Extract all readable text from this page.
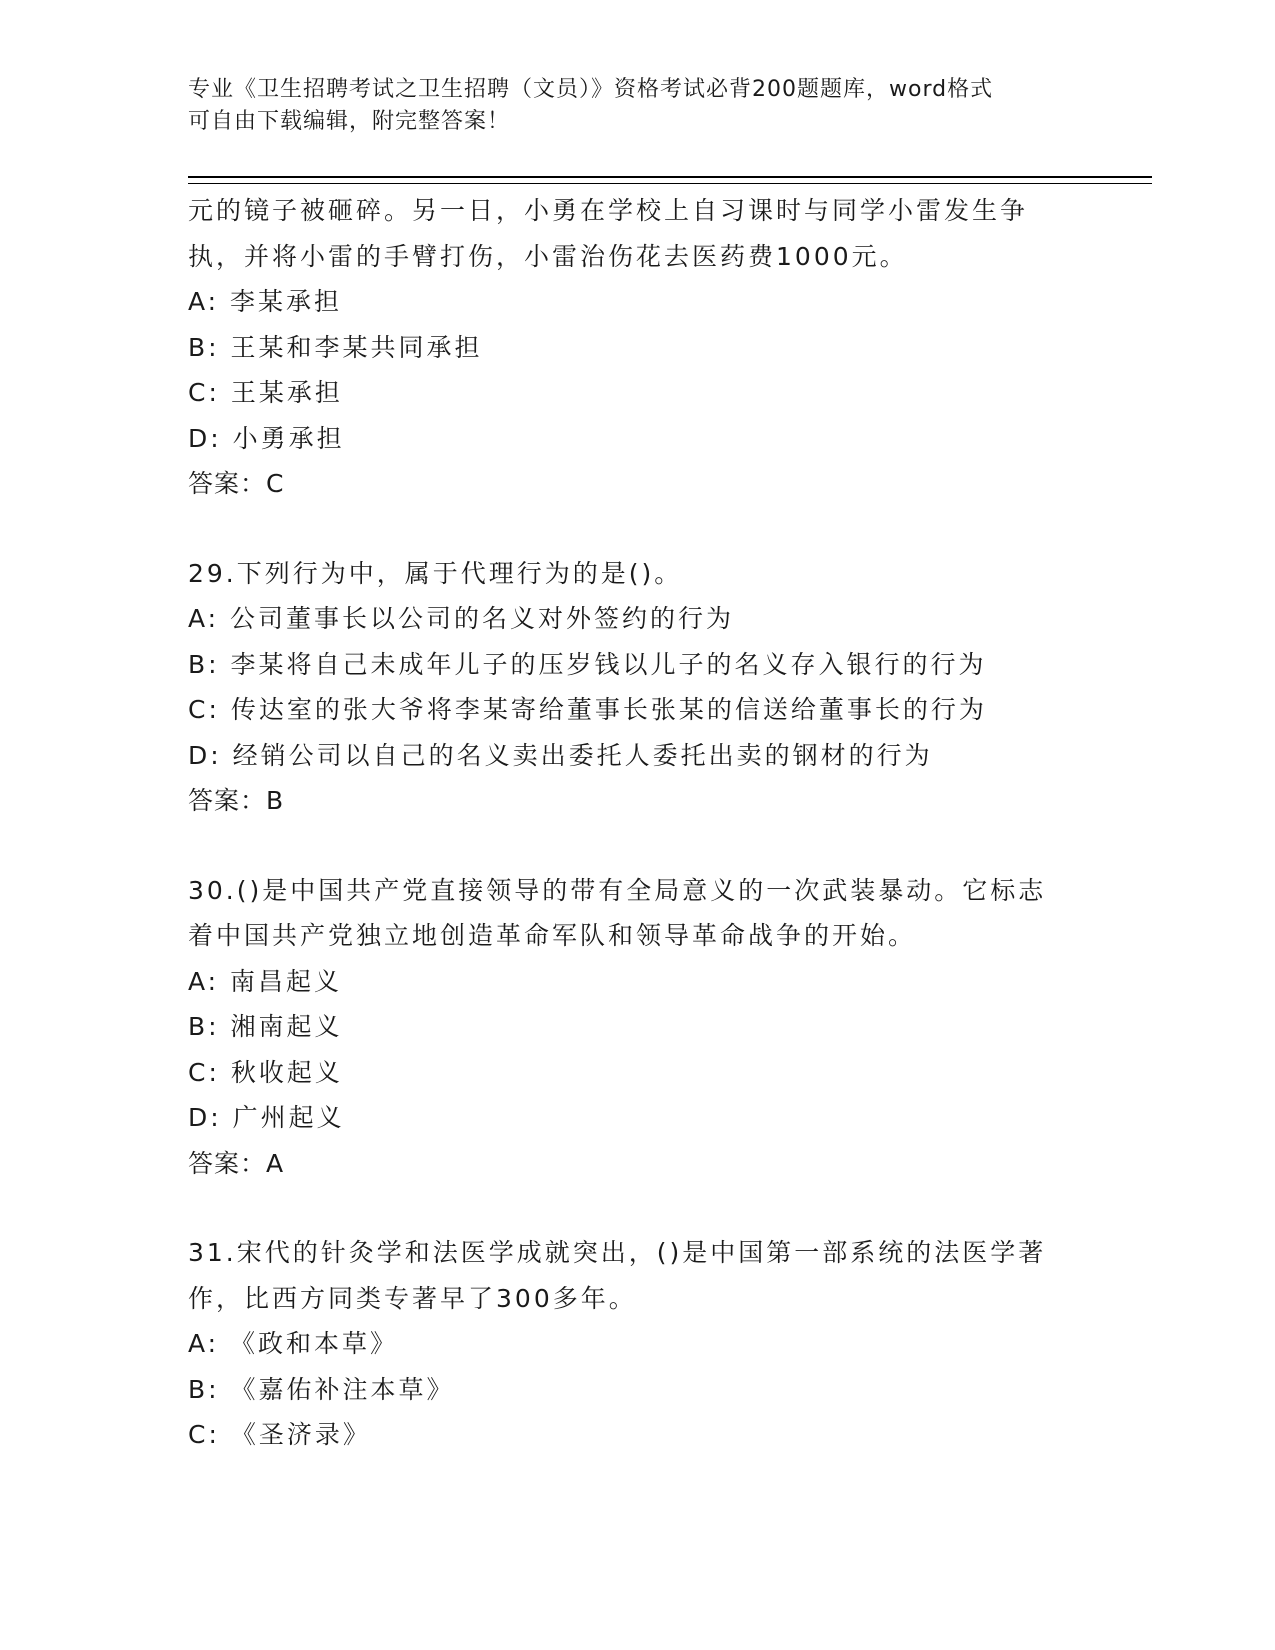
专业《卫生招聘考试之卫生招聘（文员）》资格考试必背200题题库，word格式
可自由下载编辑，附完整答案！
元的镜子被砸碎。另一日，小勇在学校上自习课时与同学小雷发生争
执，并将小雷的手臂打伤，小雷治伤花去医药费1000元。
A: 李某承担
B: 王某和李某共同承担
C: 王某承担
D: 小勇承担
答案：C
29.下列行为中，属于代理行为的是()。
A: 公司董事长以公司的名义对外签约的行为
B: 李某将自己未成年儿子的压岁钱以儿子的名义存入银行的行为
C: 传达室的张大爷将李某寄给董事长张某的信送给董事长的行为
D: 经销公司以自己的名义卖出委托人委托出卖的钢材的行为
答案：B
30.()是中国共产党直接领导的带有全局意义的一次武装暴动。它标志
着中国共产党独立地创造革命军队和领导革命战争的开始。
A: 南昌起义
B: 湘南起义
C: 秋收起义
D: 广州起义
答案：A
31.宋代的针灸学和法医学成就突出，()是中国第一部系统的法医学著
作，比西方同类专著早了300多年。
A: 《政和本草》
B: 《嘉佑补注本草》
C: 《圣济录》
